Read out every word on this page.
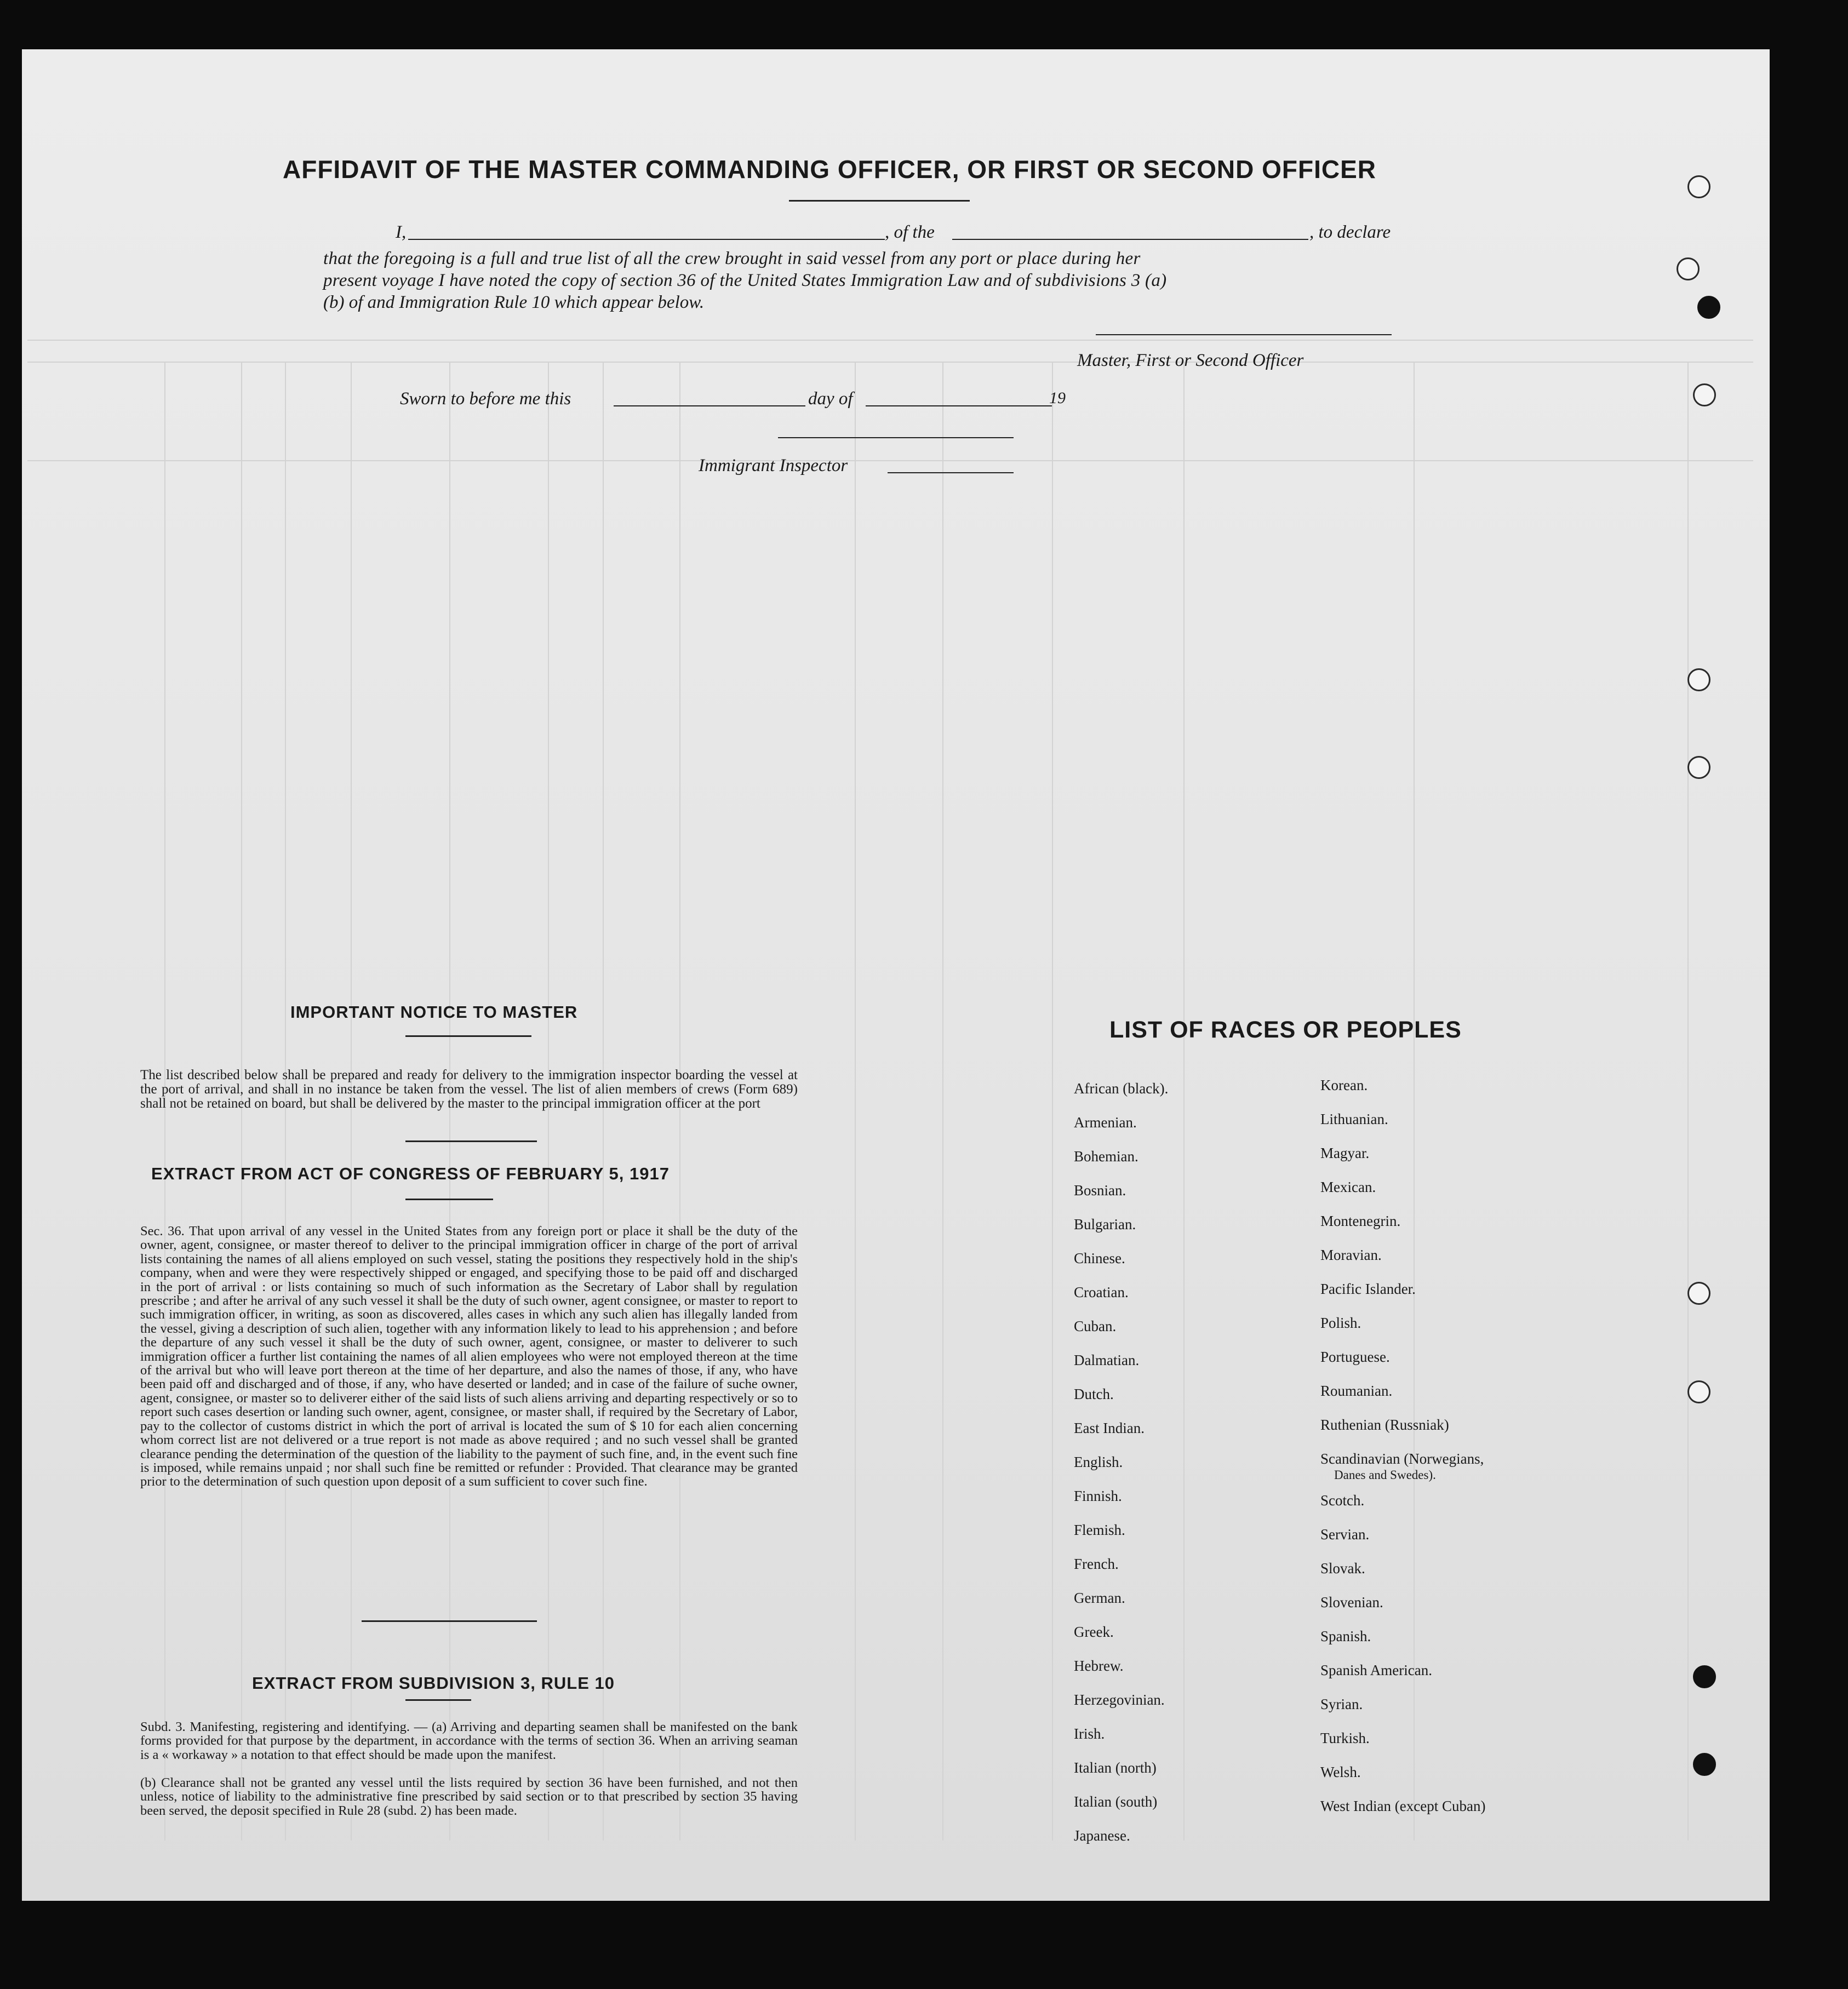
AFFIDAVIT OF THE MASTER COMMANDING OFFICER, OR FIRST OR SECOND OFFICER
I,	, of the	, to declare
that the foregoing is a full and true list of all the crew brought in said vessel from any port or place during her
present voyage I have noted the copy of section 36 of the United States Immigration Law and of subdivisions 3 (a)
(b) of and Immigration Rule 10 which appear below.
Master, First or Second Officer
Sworn to before me this	day of	19
Immigrant Inspector
IMPORTANT NOTICE TO MASTER
The list described below shall be prepared and ready for delivery to the immigration inspector boarding the vessel at the port of arrival, and shall in no instance be taken from the vessel. The list of alien members of crews (Form 689) shall not be retained on board, but shall be delivered by the master to the principal immigration officer at the port
EXTRACT FROM ACT OF CONGRESS OF FEBRUARY 5, 1917
Sec. 36. That upon arrival of any vessel in the United States from any foreign port or place it shall be the duty of the owner, agent, consignee, or master thereof to deliver to the principal immigration officer in charge of the port of arrival lists containing the names of all aliens employed on such vessel, stating the positions they respectively hold in the ship's company, when and were they were respectively shipped or engaged, and specifying those to be paid off and discharged in the port of arrival : or lists containing so much of such information as the Secretary of Labor shall by regulation prescribe ; and after he arrival of any such vessel it shall be the duty of such owner, agent consignee, or master to report to such immigration officer, in writing, as soon as discovered, alles cases in which any such alien has illegally landed from the vessel, giving a description of such alien, together with any information likely to lead to his apprehension ; and before the departure of any such vessel it shall be the duty of such owner, agent, consignee, or master to deliverer to such immigration officer a further list containing the names of all alien employees who were not employed thereon at the time of the arrival but who will leave port thereon at the time of her departure, and also the names of those, if any, who have been paid off and discharged and of those, if any, who have deserted or landed; and in case of the failure of suche owner, agent, consignee, or master so to deliverer either of the said lists of such aliens arriving and departing respectively or so to report such cases desertion or landing such owner, agent, consignee, or master shall, if required by the Secretary of Labor, pay to the collector of customs district in which the port of arrival is located the sum of $ 10 for each alien concerning whom correct list are not delivered or a true report is not made as above required ; and no such vessel shall be granted clearance pending the determination of the question of the liability to the payment of such fine, and, in the event such fine is imposed, while remains unpaid ; nor shall such fine be remitted or refunder : Provided. That clearance may be granted prior to the determination of such question upon deposit of a sum sufficient to cover such fine.
EXTRACT FROM SUBDIVISION 3, RULE 10
Subd. 3. Manifesting, registering and identifying. — (a) Arriving and departing seamen shall be manifested on the bank forms provided for that purpose by the department, in accordance with the terms of section 36. When an arriving seaman is a « workaway » a notation to that effect should be made upon the manifest.
(b) Clearance shall not be granted any vessel until the lists required by section 36 have been furnished, and not then unless, notice of liability to the administrative fine prescribed by said section or to that prescribed by section 35 having been served, the deposit specified in Rule 28 (subd. 2) has been made.
LIST OF RACES OR PEOPLES
African (black).
Armenian.
Bohemian.
Bosnian.
Bulgarian.
Chinese.
Croatian.
Cuban.
Dalmatian.
Dutch.
East Indian.
English.
Finnish.
Flemish.
French.
German.
Greek.
Hebrew.
Herzegovinian.
Irish.
Italian (north)
Italian (south)
Japanese.
Korean.
Lithuanian.
Magyar.
Mexican.
Montenegrin.
Moravian.
Pacific Islander.
Polish.
Portuguese.
Roumanian.
Ruthenian (Russniak)
Scandinavian (Norwegians,
Danes and Swedes).
Scotch.
Servian.
Slovak.
Slovenian.
Spanish.
Spanish American.
Syrian.
Turkish.
Welsh.
West Indian (except Cuban)
